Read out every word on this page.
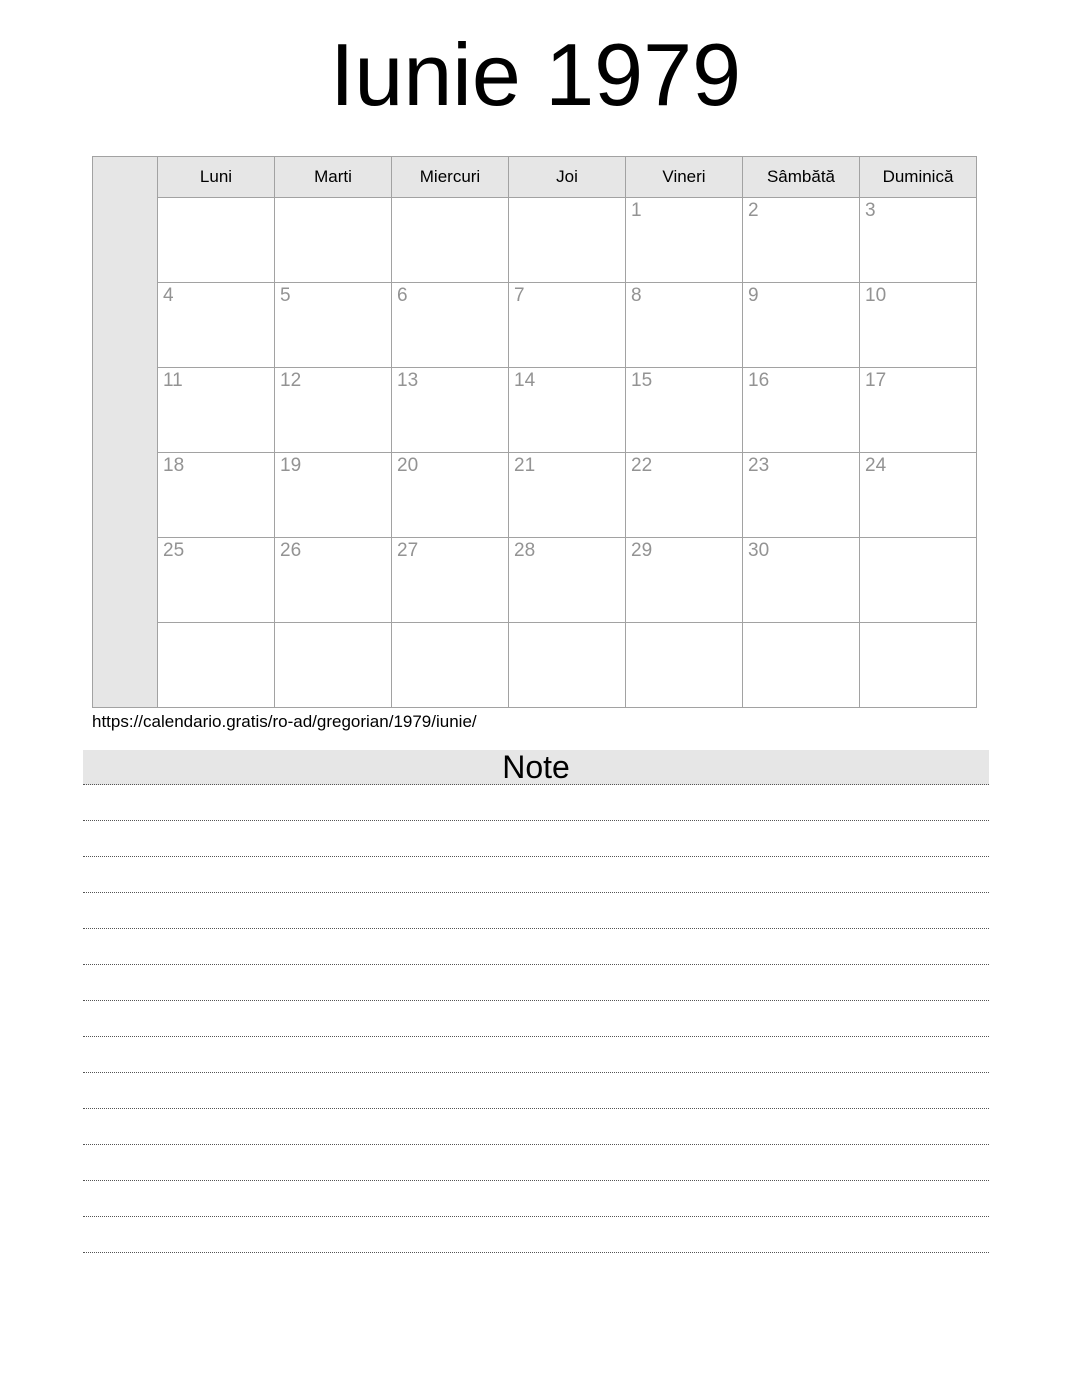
Iunie 1979
	Luni	Marti	Miercuri	Joi	Vineri	Sâmbătă	Duminică
					1	2	3
	4	5	6	7	8	9	10
	11	12	13	14	15	16	17
	18	19	20	21	22	23	24
	25	26	27	28	29	30	

https://calendario.gratis/ro-ad/gregorian/1979/iunie/
Note
